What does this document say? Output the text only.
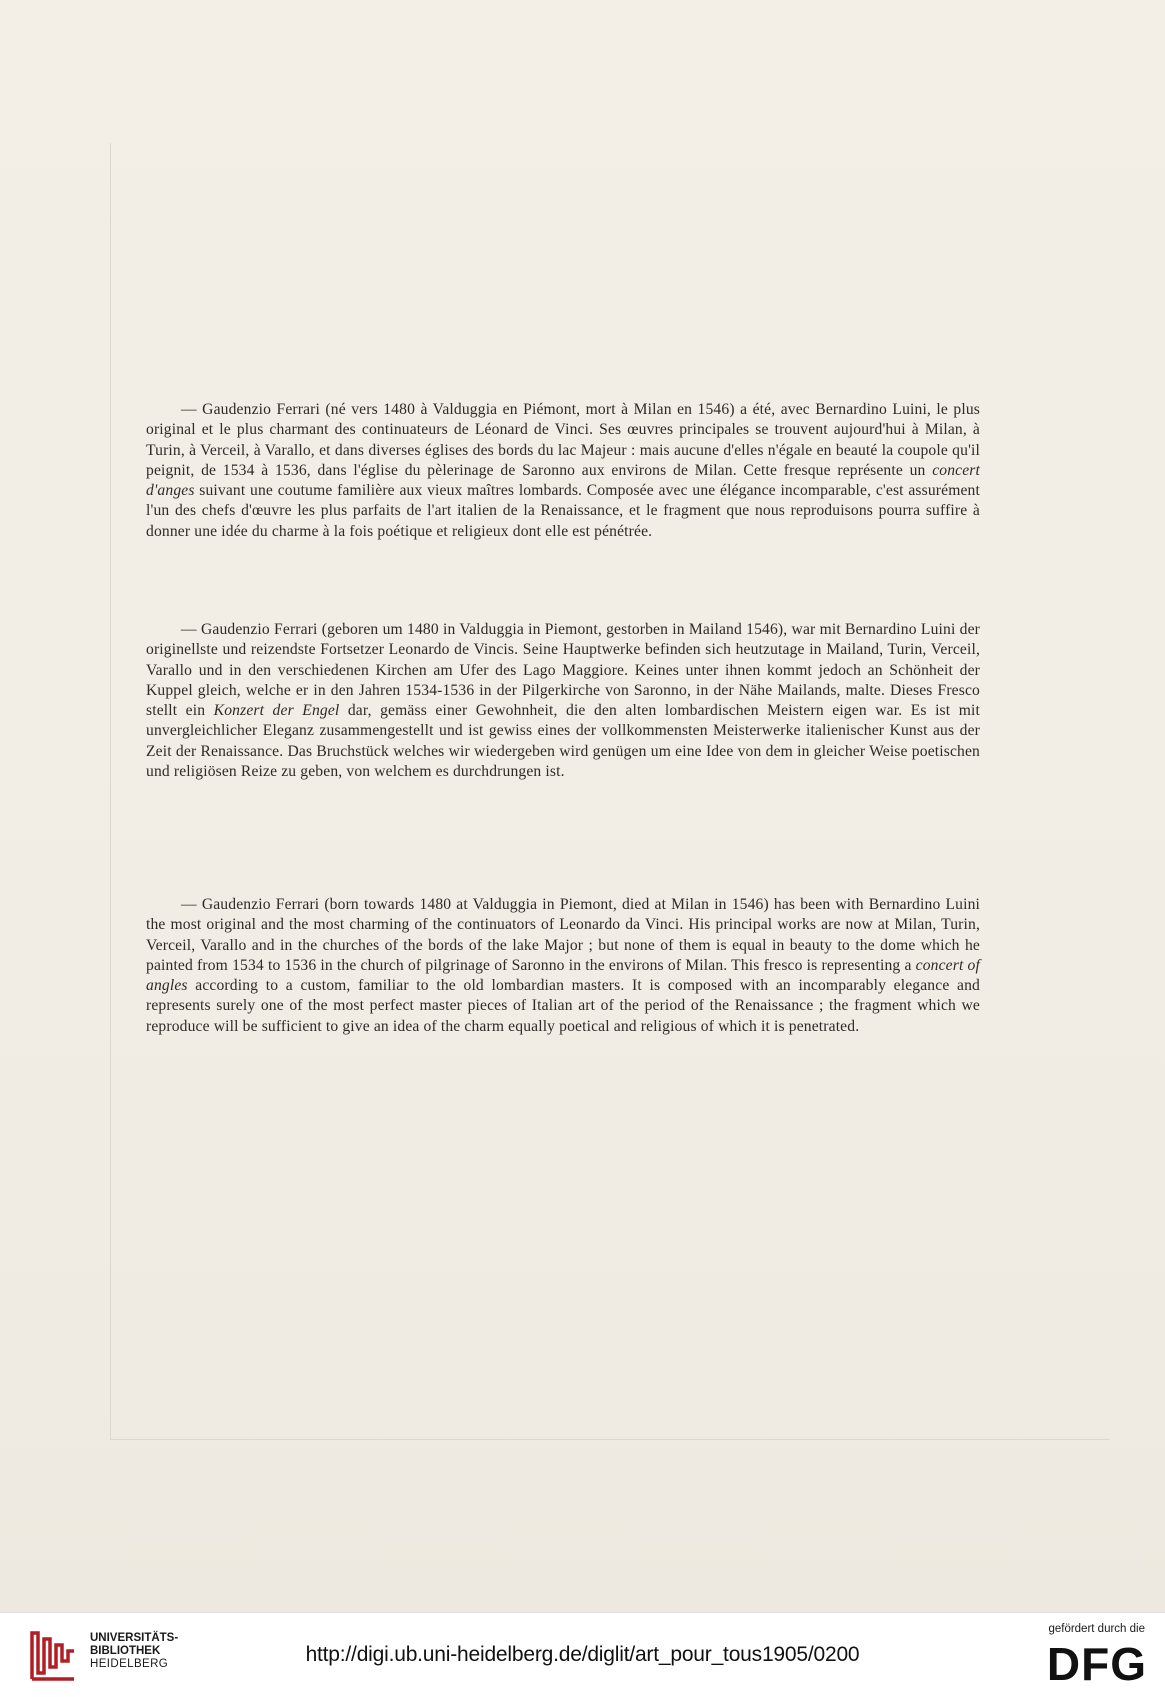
— Gaudenzio Ferrari (né vers 1480 à Valduggia en Piémont, mort à Milan en 1546) a été, avec Bernardino Luini, le plus original et le plus charmant des continuateurs de Léonard de Vinci. Ses œuvres principales se trouvent aujourd'hui à Milan, à Turin, à Verceil, à Varallo, et dans diverses églises des bords du lac Majeur : mais aucune d'elles n'égale en beauté la coupole qu'il peignit, de 1534 à 1536, dans l'église du pèlerinage de Saronno aux environs de Milan. Cette fresque représente un concert d'anges suivant une coutume familière aux vieux maîtres lombards. Composée avec une élégance incomparable, c'est assurément l'un des chefs d'œuvre les plus parfaits de l'art italien de la Renaissance, et le fragment que nous reproduisons pourra suffire à donner une idée du charme à la fois poétique et religieux dont elle est pénétrée.

— Gaudenzio Ferrari (geboren um 1480 in Valduggia in Piemont, gestorben in Mailand 1546), war mit Bernardino Luini der originellste und reizendste Fortsetzer Leonardo de Vincis. Seine Hauptwerke befinden sich heutzutage in Mailand, Turin, Verceil, Varallo und in den verschiedenen Kirchen am Ufer des Lago Maggiore. Keines unter ihnen kommt jedoch an Schönheit der Kuppel gleich, welche er in den Jahren 1534-1536 in der Pilgerkirche von Saronno, in der Nähe Mailands, malte. Dieses Fresco stellt ein Konzert der Engel dar, gemäss einer Gewohnheit, die den alten lombardischen Meistern eigen war. Es ist mit unvergleichlicher Eleganz zusammengestellt und ist gewiss eines der vollkommensten Meisterwerke italienischer Kunst aus der Zeit der Renaissance. Das Bruchstück welches wir wiedergeben wird genügen um eine Idee von dem in gleicher Weise poetischen und religiösen Reize zu geben, von welchem es durchdrungen ist.

— Gaudenzio Ferrari (born towards 1480 at Valduggia in Piemont, died at Milan in 1546) has been with Bernardino Luini the most original and the most charming of the continuators of Leonardo da Vinci. His principal works are now at Milan, Turin, Verceil, Varallo and in the churches of the bords of the lake Major ; but none of them is equal in beauty to the dome which he painted from 1534 to 1536 in the church of pilgrinage of Saronno in the environs of Milan. This fresco is representing a concert of angles according to a custom, familiar to the old lombardian masters. It is composed with an incomparably elegance and represents surely one of the most perfect master pieces of Italian art of the period of the Renaissance ; the fragment which we reproduce will be sufficient to give an idea of the charm equally poetical and religious of which it is penetrated.

UNIVERSITÄTS-
BIBLIOTHEK
HEIDELBERG	http://digi.ub.uni-heidelberg.de/diglit/art_pour_tous1905/0200
gefördert durch die
DFG
